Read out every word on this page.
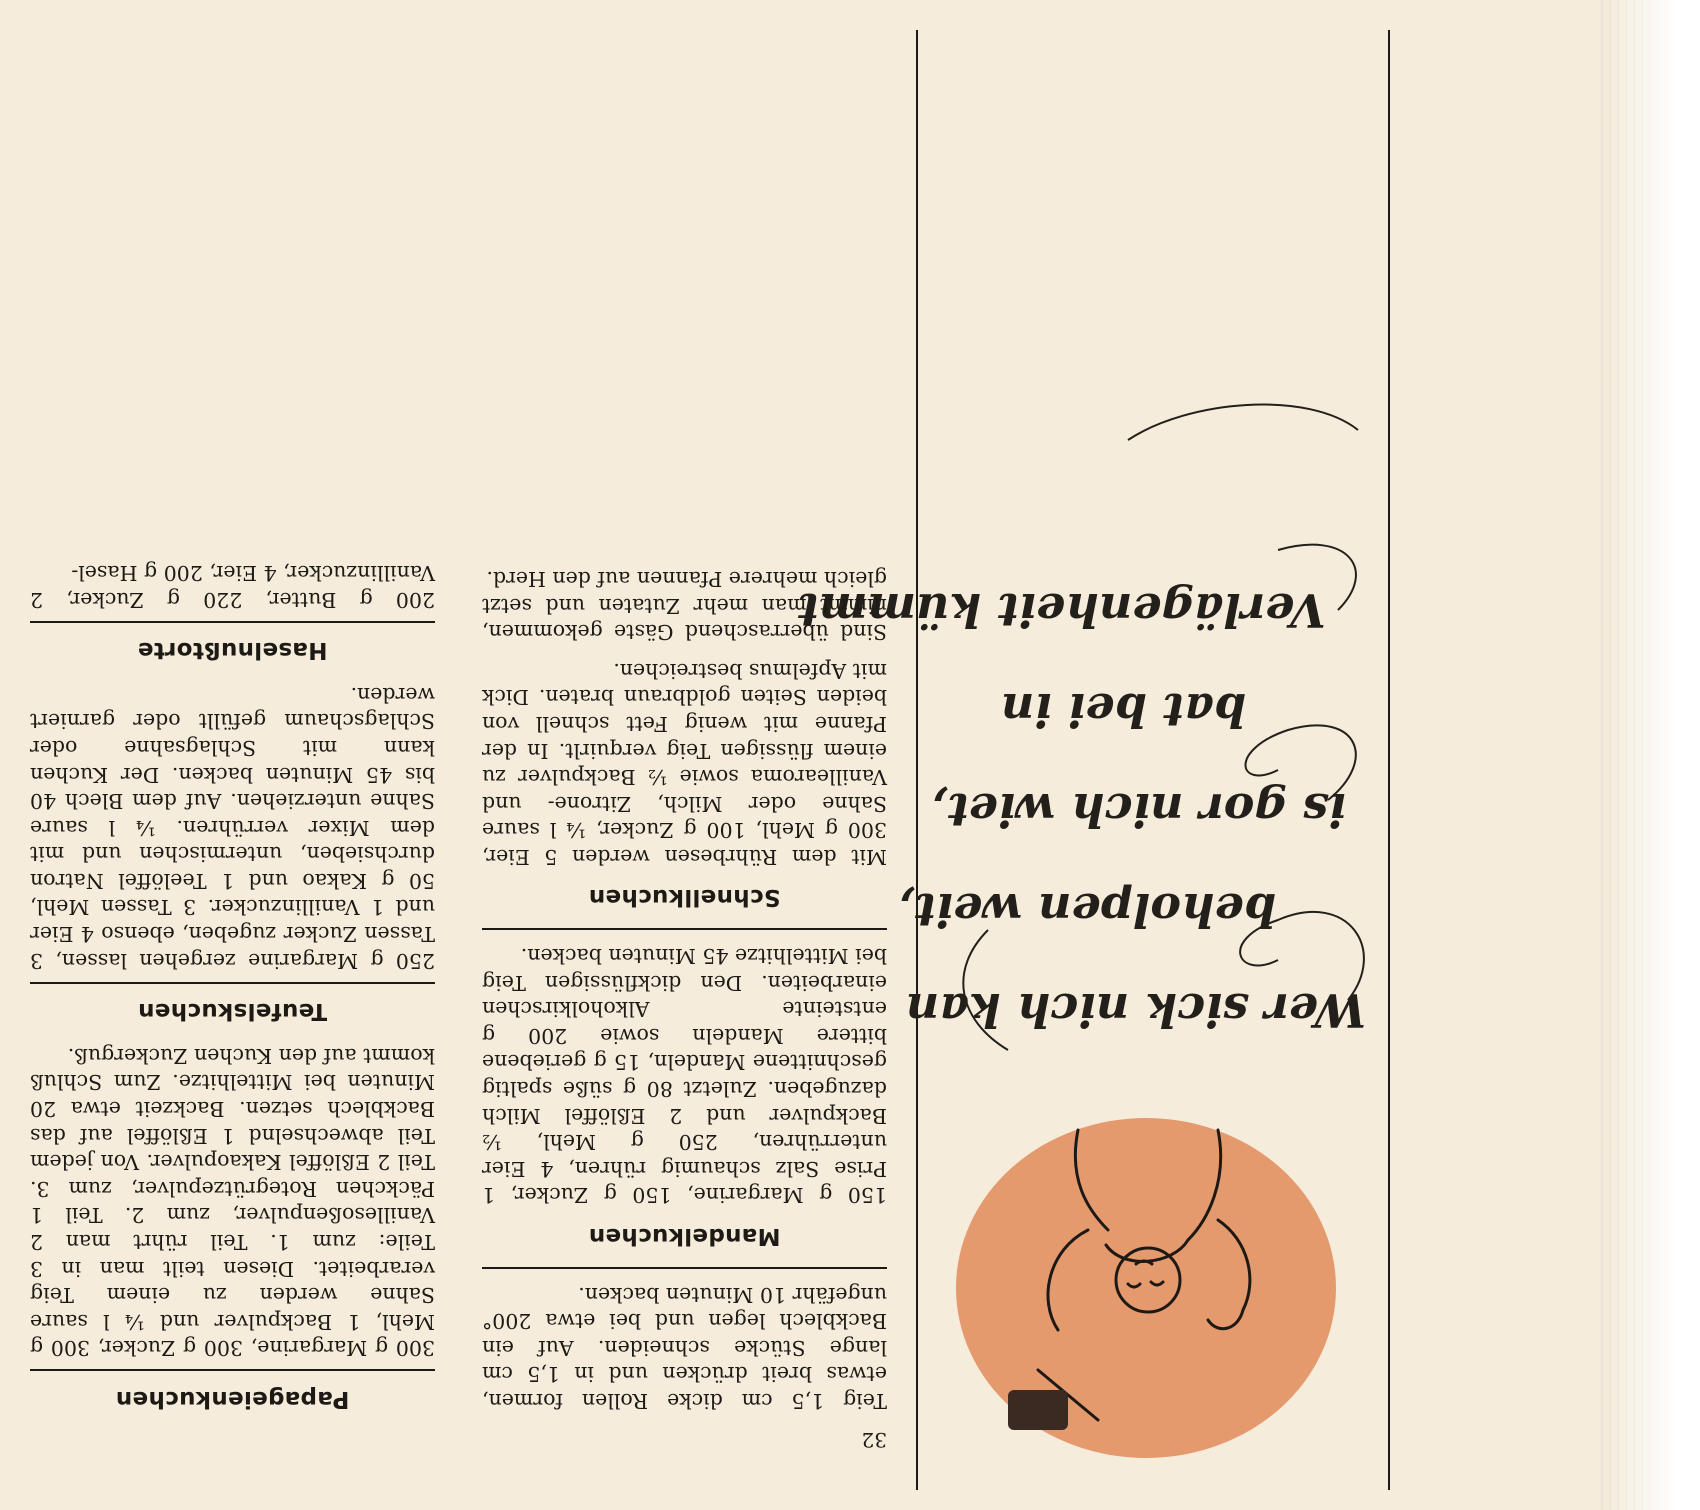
Wer sick nich kan
beholpen weit,
is gor nich wiet,
bat bei in
Verlägenheit kümmt
32

Teig 1,5 cm dicke Rollen formen, etwas breit drücken und in 1,5 cm lange Stücke schneiden. Auf ein Backblech legen und bei etwa 200° ungefähr 10 Minuten backen.

Mandelkuchen

150 g Margarine, 150 g Zucker, 1 Prise Salz schaumig rühren, 4 Eier unterrühren, 250 g Mehl, ½ Backpulver und 2 Eßlöffel Milch dazugeben. Zuletzt 80 g süße spaltig geschnittene Mandeln, 15 g geriebene bittere Mandeln sowie 200 g entsteinte Alkoholkirschen einarbeiten. Den dickflüssigen Teig bei Mittelhitze 45 Minuten backen.

Schnellkuchen

Mit dem Rührbesen werden 5 Eier, 300 g Mehl, 100 g Zucker, ¼ l saure Sahne oder Milch, Zitrone- und Vanillearoma sowie ½ Backpulver zu einem flüssigen Teig verquirlt. In der Pfanne mit wenig Fett schnell von beiden Seiten goldbraun braten. Dick mit Apfelmus bestreichen.

Sind überraschend Gäste gekommen, nimmt man mehr Zutaten und setzt gleich mehrere Pfannen auf den Herd.

Papageienkuchen

300 g Margarine, 300 g Zucker, 300 g Mehl, 1 Backpulver und ¼ l saure Sahne werden zu einem Teig verarbeitet. Diesen teilt man in 3 Teile: zum 1. Teil rührt man 2 Vanillesoßenpulver, zum 2. Teil 1 Päckchen Rotegrützepulver, zum 3. Teil 2 Eßlöffel Kakaopulver. Von jedem Teil abwechselnd 1 Eßlöffel auf das Backblech setzen. Backzeit etwa 20 Minuten bei Mittelhitze. Zum Schluß kommt auf den Kuchen Zuckerguß.

Teufelskuchen

250 g Margarine zergehen lassen, 3 Tassen Zucker zugeben, ebenso 4 Eier und 1 Vanillinzucker. 3 Tassen Mehl, 50 g Kakao und 1 Teelöffel Natron durchsieben, untermischen und mit dem Mixer verrühren. ¼ l saure Sahne unterziehen. Auf dem Blech 40 bis 45 Minuten backen. Der Kuchen kann mit Schlagsahne oder Schlagschaum gefüllt oder garniert werden.

Haselnußtorte

200 g Butter, 220 g Zucker, 2 Vanillinzucker, 4 Eier, 200 g Hasel-
